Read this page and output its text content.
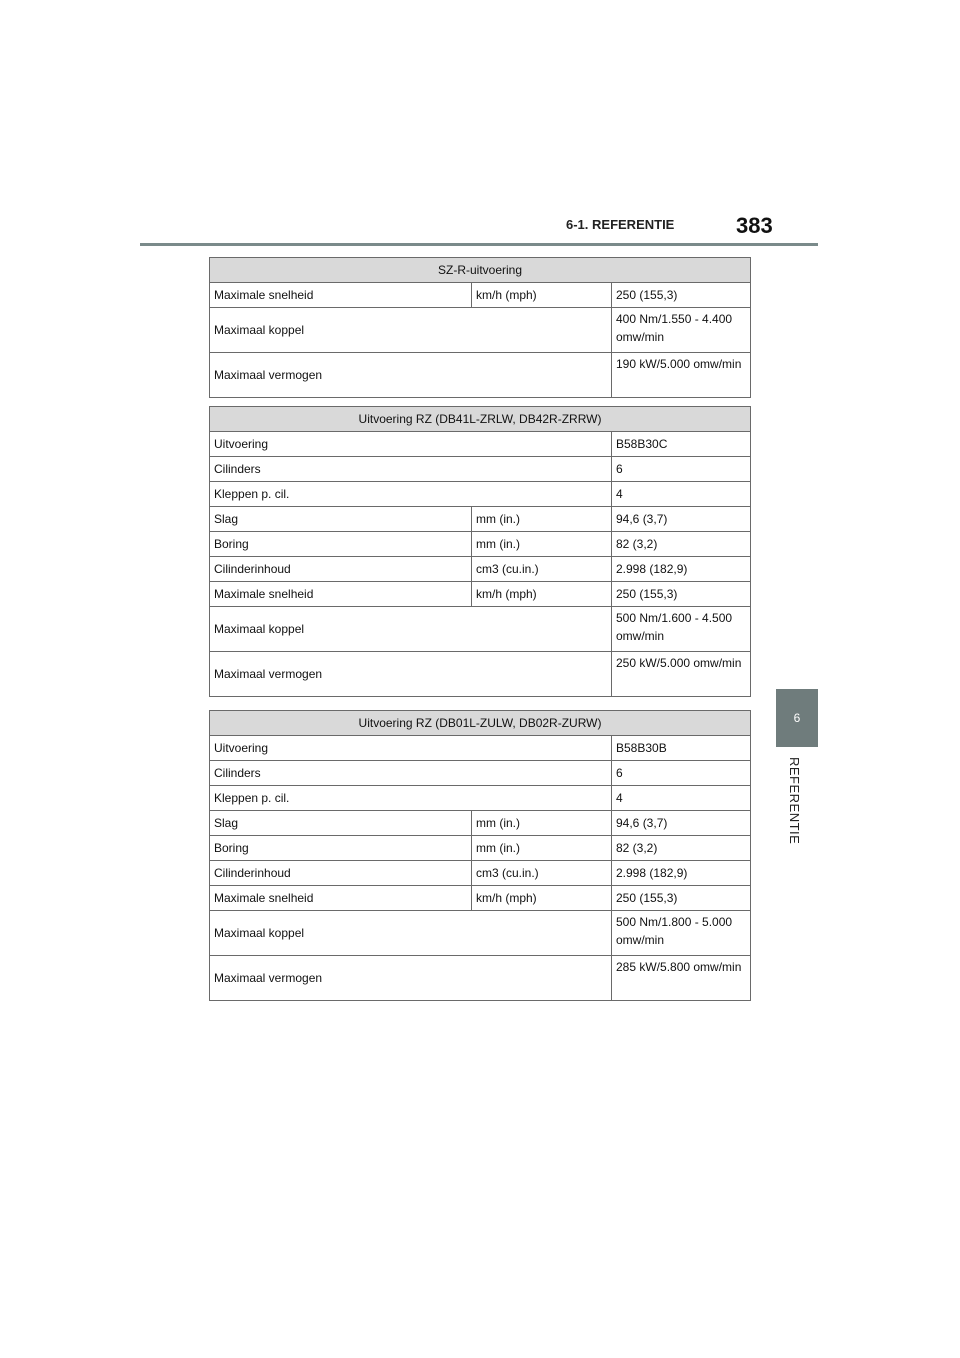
6-1. REFERENTIE	383
6
REFERENTIE
SZ-R-uitvoering		
Maximale snelheid	km/h (mph)	250 (155,3)
Maximaal koppel		400 Nm/1.550 - 4.400 omw/min
Maximaal vermogen		190 kW/5.000 omw/min
Uitvoering RZ (DB41L-ZRLW, DB42R-ZRRW)		
Uitvoering		B58B30C
Cilinders		6
Kleppen p. cil.		4
Slag	mm (in.)	94,6 (3,7)
Boring	mm (in.)	82 (3,2)
Cilinderinhoud	cm3 (cu.in.)	2.998 (182,9)
Maximale snelheid	km/h (mph)	250 (155,3)
Maximaal koppel		500 Nm/1.600 - 4.500 omw/min
Maximaal vermogen		250 kW/5.000 omw/min
Uitvoering RZ (DB01L-ZULW, DB02R-ZURW)		
Uitvoering		B58B30B
Cilinders		6
Kleppen p. cil.		4
Slag	mm (in.)	94,6 (3,7)
Boring	mm (in.)	82 (3,2)
Cilinderinhoud	cm3 (cu.in.)	2.998 (182,9)
Maximale snelheid	km/h (mph)	250 (155,3)
Maximaal koppel		500 Nm/1.800 - 5.000 omw/min
Maximaal vermogen		285 kW/5.800 omw/min
